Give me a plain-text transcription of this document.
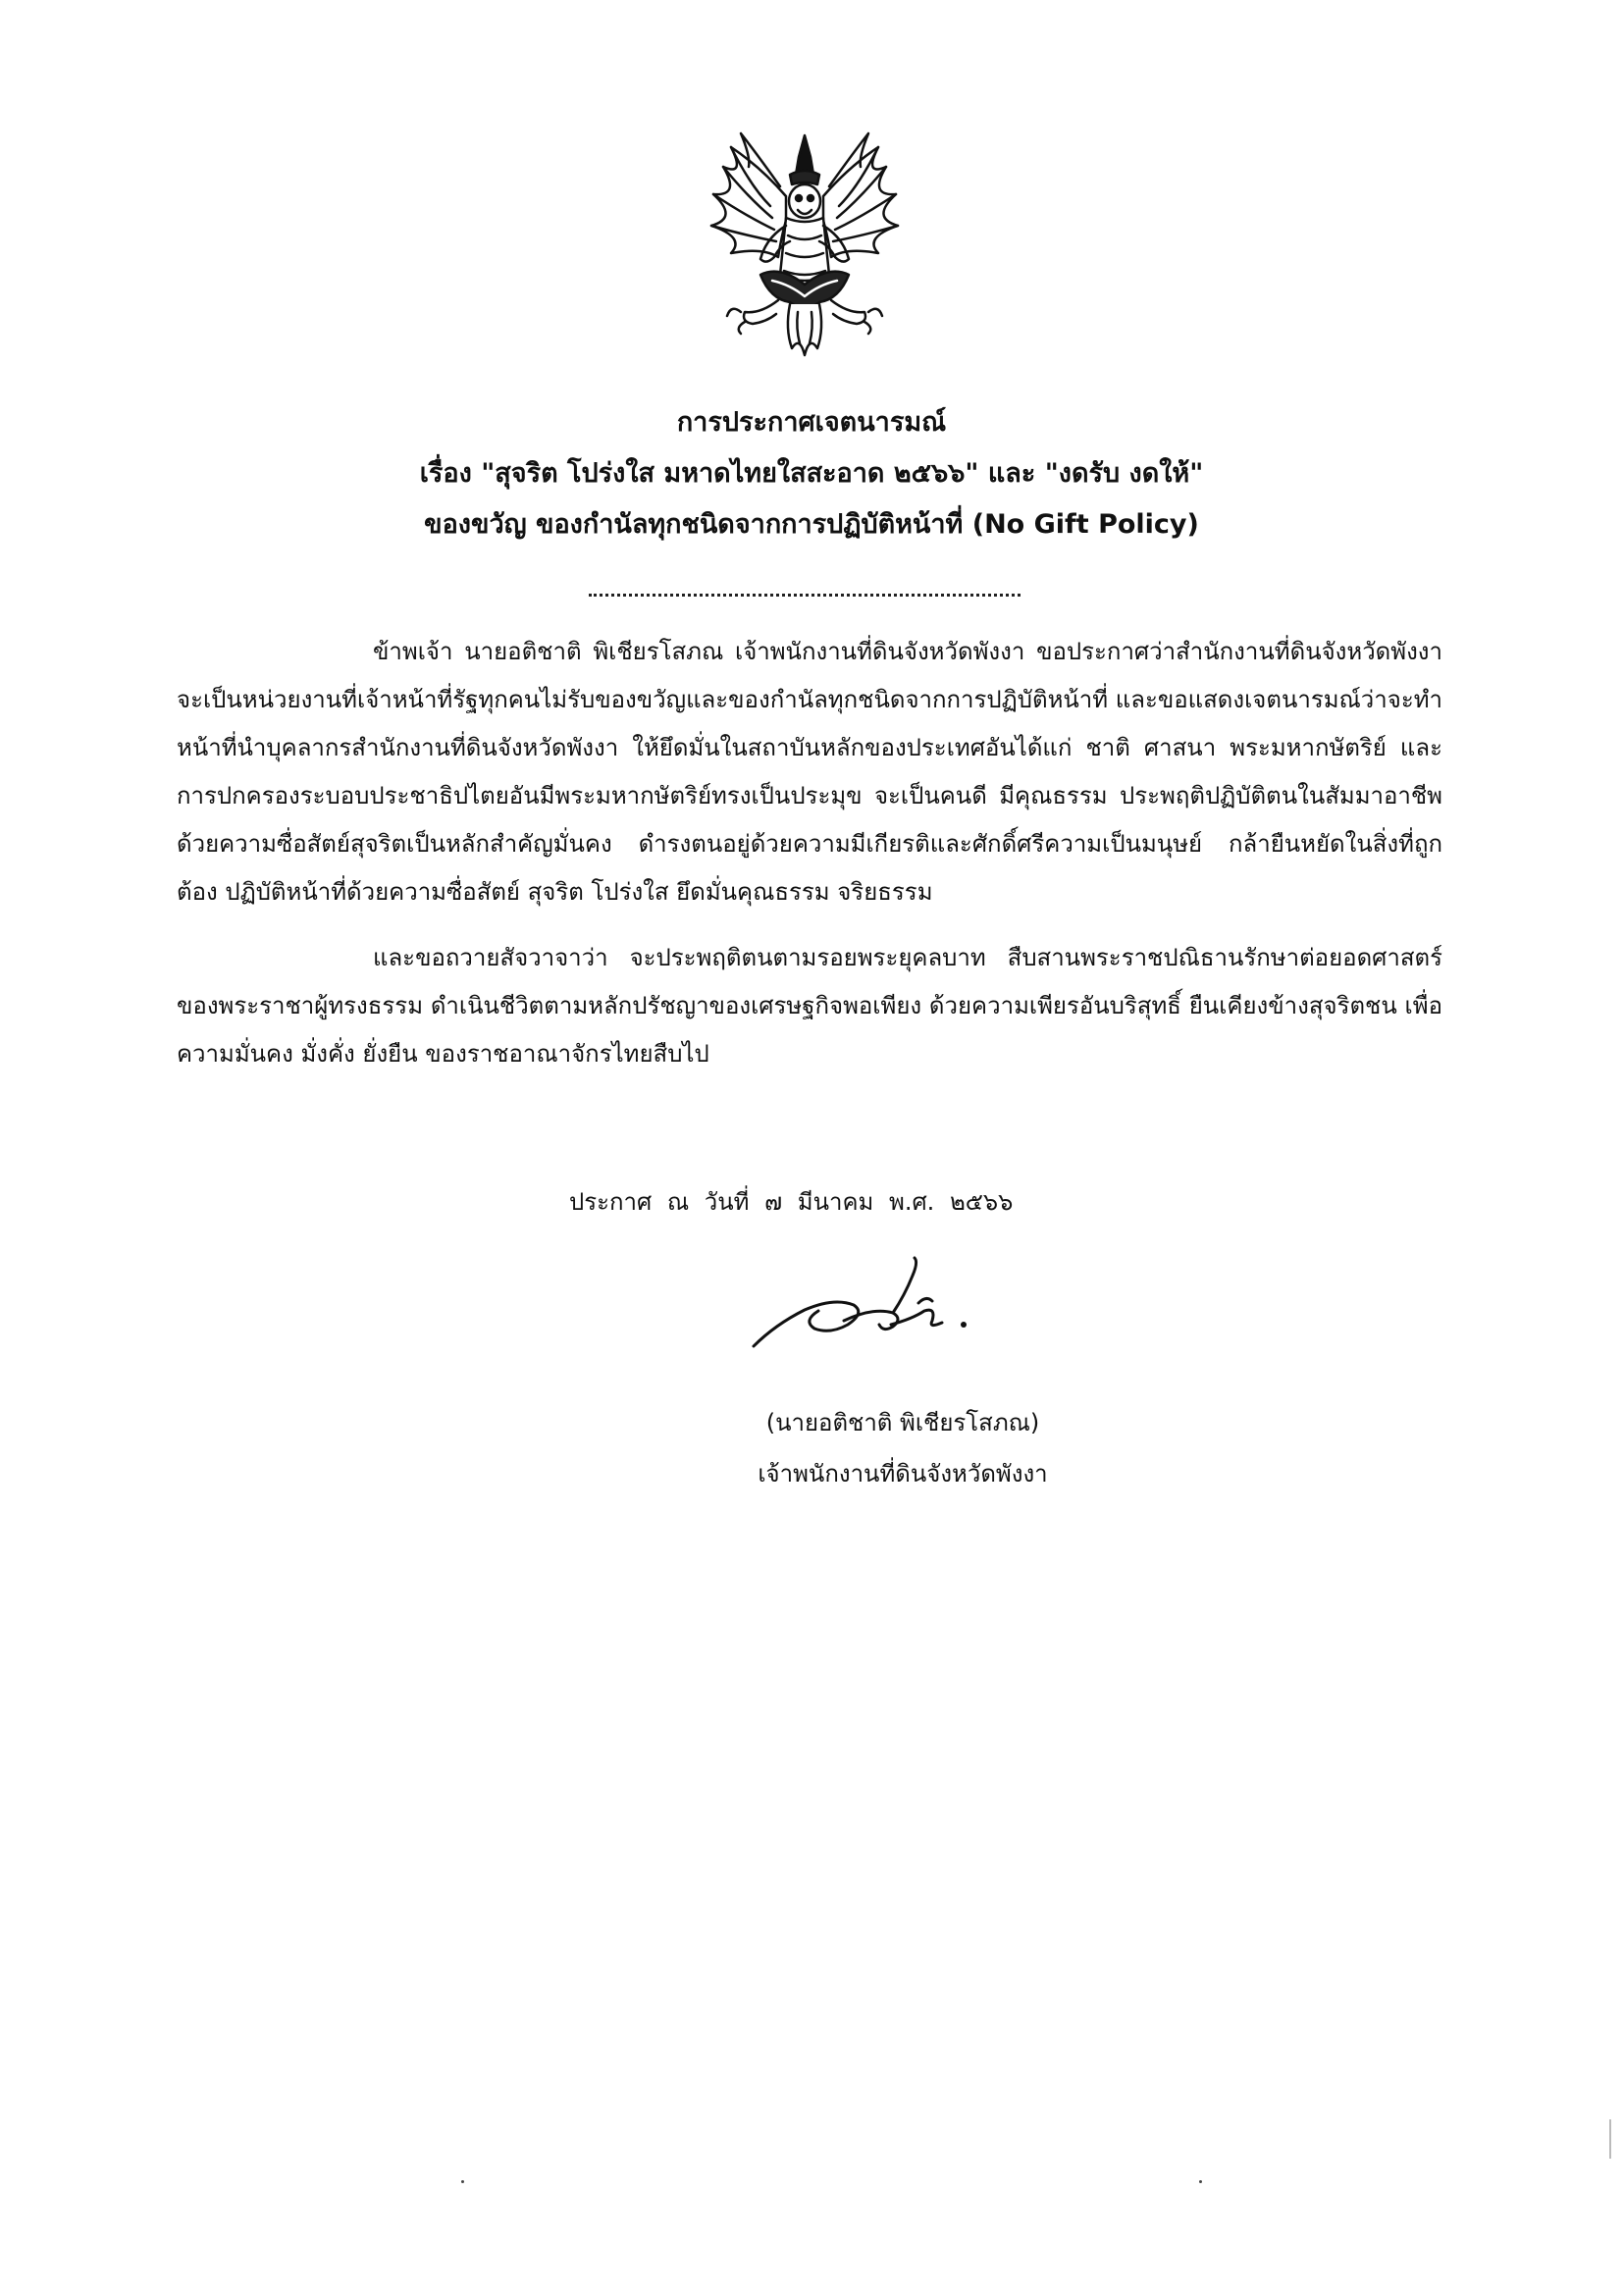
การประกาศเจตนารมณ์
เรื่อง "สุจริต โปร่งใส มหาดไทยใสสะอาด ๒๕๖๖" และ "งดรับ งดให้"
ของขวัญ ของกำนัลทุกชนิดจากการปฏิบัติหน้าที่ (No Gift Policy)

ข้าพเจ้า นายอติชาติ พิเชียรโสภณ เจ้าพนักงานที่ดินจังหวัดพังงา ขอประกาศว่าสำนักงานที่ดินจังหวัดพังงา จะเป็นหน่วยงานที่เจ้าหน้าที่รัฐทุกคนไม่รับของขวัญและของกำนัลทุกชนิดจากการปฏิบัติหน้าที่ และขอแสดงเจตนารมณ์ว่าจะทำหน้าที่นำบุคลากรสำนักงานที่ดินจังหวัดพังงา ให้ยึดมั่นในสถาบันหลักของประเทศอันได้แก่ ชาติ ศาสนา พระมหากษัตริย์ และการปกครองระบอบประชาธิปไตยอันมีพระมหากษัตริย์ทรงเป็นประมุข จะเป็นคนดี มีคุณธรรม ประพฤติปฏิบัติตนในสัมมาอาชีพ ด้วยความซื่อสัตย์สุจริตเป็นหลักสำคัญมั่นคง ดำรงตนอยู่ด้วยความมีเกียรติและศักดิ์ศรีความเป็นมนุษย์ กล้ายืนหยัดในสิ่งที่ถูกต้อง ปฏิบัติหน้าที่ด้วยความซื่อสัตย์ สุจริต โปร่งใส ยึดมั่นคุณธรรม จริยธรรม

และขอถวายสัจวาจาว่า จะประพฤติตนตามรอยพระยุคลบาท สืบสานพระราชปณิธานรักษาต่อยอดศาสตร์ของพระราชาผู้ทรงธรรม ดำเนินชีวิตตามหลักปรัชญาของเศรษฐกิจพอเพียง ด้วยความเพียรอันบริสุทธิ์ ยืนเคียงข้างสุจริตชน เพื่อความมั่นคง มั่งคั่ง ยั่งยืน ของราชอาณาจักรไทยสืบไป

ประกาศ ณ วันที่ ๗ มีนาคม พ.ศ. ๒๕๖๖
(นายอติชาติ พิเชียรโสภณ)
เจ้าพนักงานที่ดินจังหวัดพังงา
